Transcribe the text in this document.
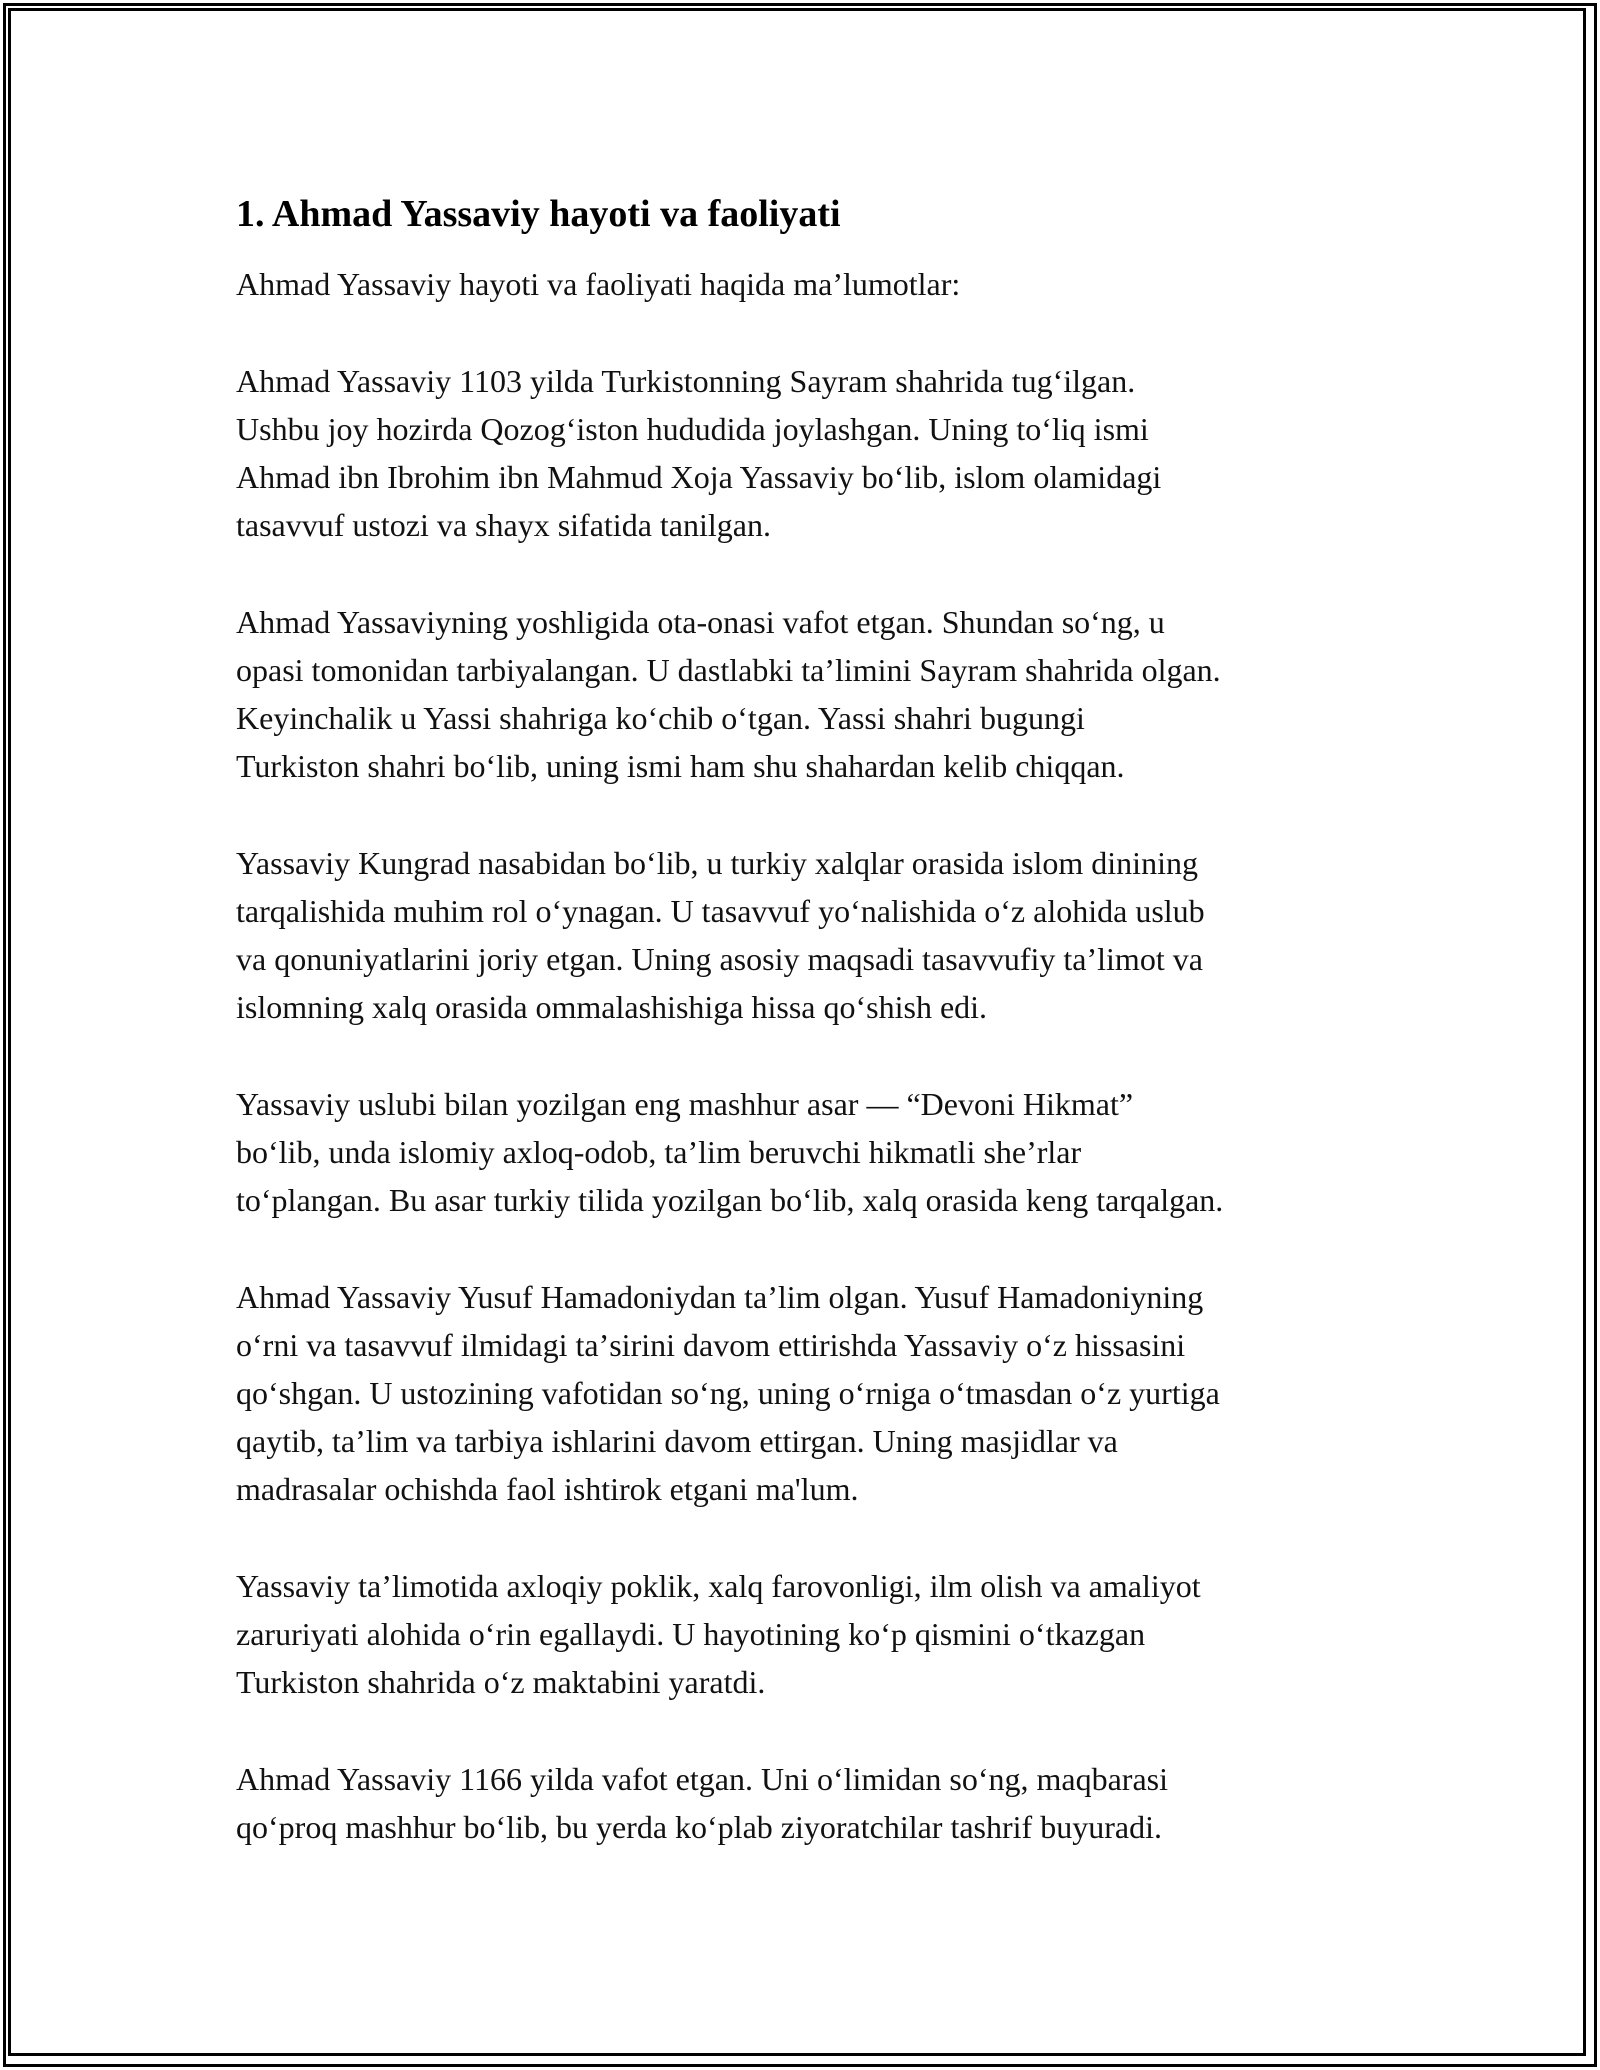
1. Ahmad Yassaviy hayoti va faoliyati
Ahmad Yassaviy hayoti va faoliyati haqida maʼlumotlar:
Ahmad Yassaviy 1103 yilda Turkistonning Sayram shahrida tugʻilgan.
Ushbu joy hozirda Qozogʻiston hududida joylashgan. Uning toʻliq ismi
Ahmad ibn Ibrohim ibn Mahmud Xoja Yassaviy boʻlib, islom olamidagi
tasavvuf ustozi va shayx sifatida tanilgan.
Ahmad Yassaviyning yoshligida ota-onasi vafot etgan. Shundan soʻng, u
opasi tomonidan tarbiyalangan. U dastlabki taʼlimini Sayram shahrida olgan.
Keyinchalik u Yassi shahriga koʻchib oʻtgan. Yassi shahri bugungi
Turkiston shahri boʻlib, uning ismi ham shu shahardan kelib chiqqan.
Yassaviy Kungrad nasabidan boʻlib, u turkiy xalqlar orasida islom dinining
tarqalishida muhim rol oʻynagan. U tasavvuf yoʻnalishida oʻz alohida uslub
va qonuniyatlarini joriy etgan. Uning asosiy maqsadi tasavvufiy taʼlimot va
islomning xalq orasida ommalashishiga hissa qoʻshish edi.
Yassaviy uslubi bilan yozilgan eng mashhur asar — “Devoni Hikmat”
boʻlib, unda islomiy axloq-odob, taʼlim beruvchi hikmatli sheʼrlar
toʻplangan. Bu asar turkiy tilida yozilgan boʻlib, xalq orasida keng tarqalgan.
Ahmad Yassaviy Yusuf Hamadoniydan taʼlim olgan. Yusuf Hamadoniyning
oʻrni va tasavvuf ilmidagi taʼsirini davom ettirishda Yassaviy oʻz hissasini
qoʻshgan. U ustozining vafotidan soʻng, uning oʻrniga oʻtmasdan oʻz yurtiga
qaytib, taʼlim va tarbiya ishlarini davom ettirgan. Uning masjidlar va
madrasalar ochishda faol ishtirok etgani ma'lum.
Yassaviy taʼlimotida axloqiy poklik, xalq farovonligi, ilm olish va amaliyot
zaruriyati alohida oʻrin egallaydi. U hayotining koʻp qismini oʻtkazgan
Turkiston shahrida oʻz maktabini yaratdi.
Ahmad Yassaviy 1166 yilda vafot etgan. Uni oʻlimidan soʻng, maqbarasi
qoʻproq mashhur boʻlib, bu yerda koʻplab ziyoratchilar tashrif buyuradi.
